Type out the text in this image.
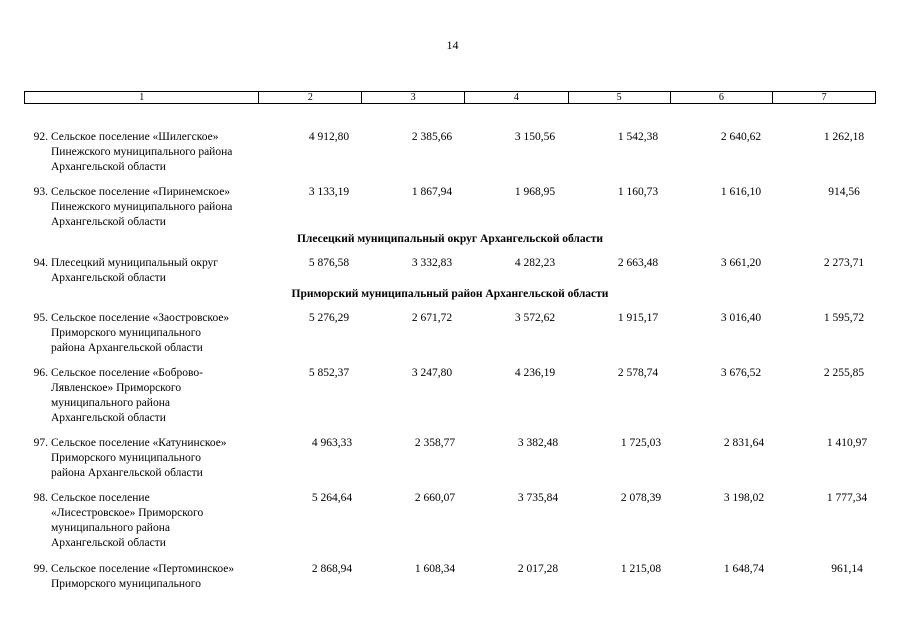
14
1	2	3	4	5	6	7
92. Сельское поселение «Шилегское»
Пинежского муниципального района
Архангельской области
4 912,80	2 385,66	3 150,56	1 542,38	2 640,62	1 262,18
93. Сельское поселение «Пиринемское»
Пинежского муниципального района
Архангельской области
3 133,19	1 867,94	1 968,95	1 160,73	1 616,10	914,56
Плесецкий муниципальный округ Архангельской области
94. Плесецкий муниципальный округ
Архангельской области
5 876,58	3 332,83	4 282,23	2 663,48	3 661,20	2 273,71
Приморский муниципальный район Архангельской области
95. Сельское поселение «Заостровское»
Приморского муниципального
района Архангельской области
5 276,29	2 671,72	3 572,62	1 915,17	3 016,40	1 595,72
96. Сельское поселение «Боброво-
Лявленское» Приморского
муниципального района
Архангельской области
5 852,37	3 247,80	4 236,19	2 578,74	3 676,52	2 255,85
97. Сельское поселение «Катунинское»
Приморского муниципального
района Архангельской области
4 963,33	2 358,77	3 382,48	1 725,03	2 831,64	1 410,97
98. Сельское поселение
«Лисестровское» Приморского
муниципального района
Архангельской области
5 264,64	2 660,07	3 735,84	2 078,39	3 198,02	1 777,34
99. Сельское поселение «Пертоминское»
Приморского муниципального
2 868,94	1 608,34	2 017,28	1 215,08	1 648,74	961,14
